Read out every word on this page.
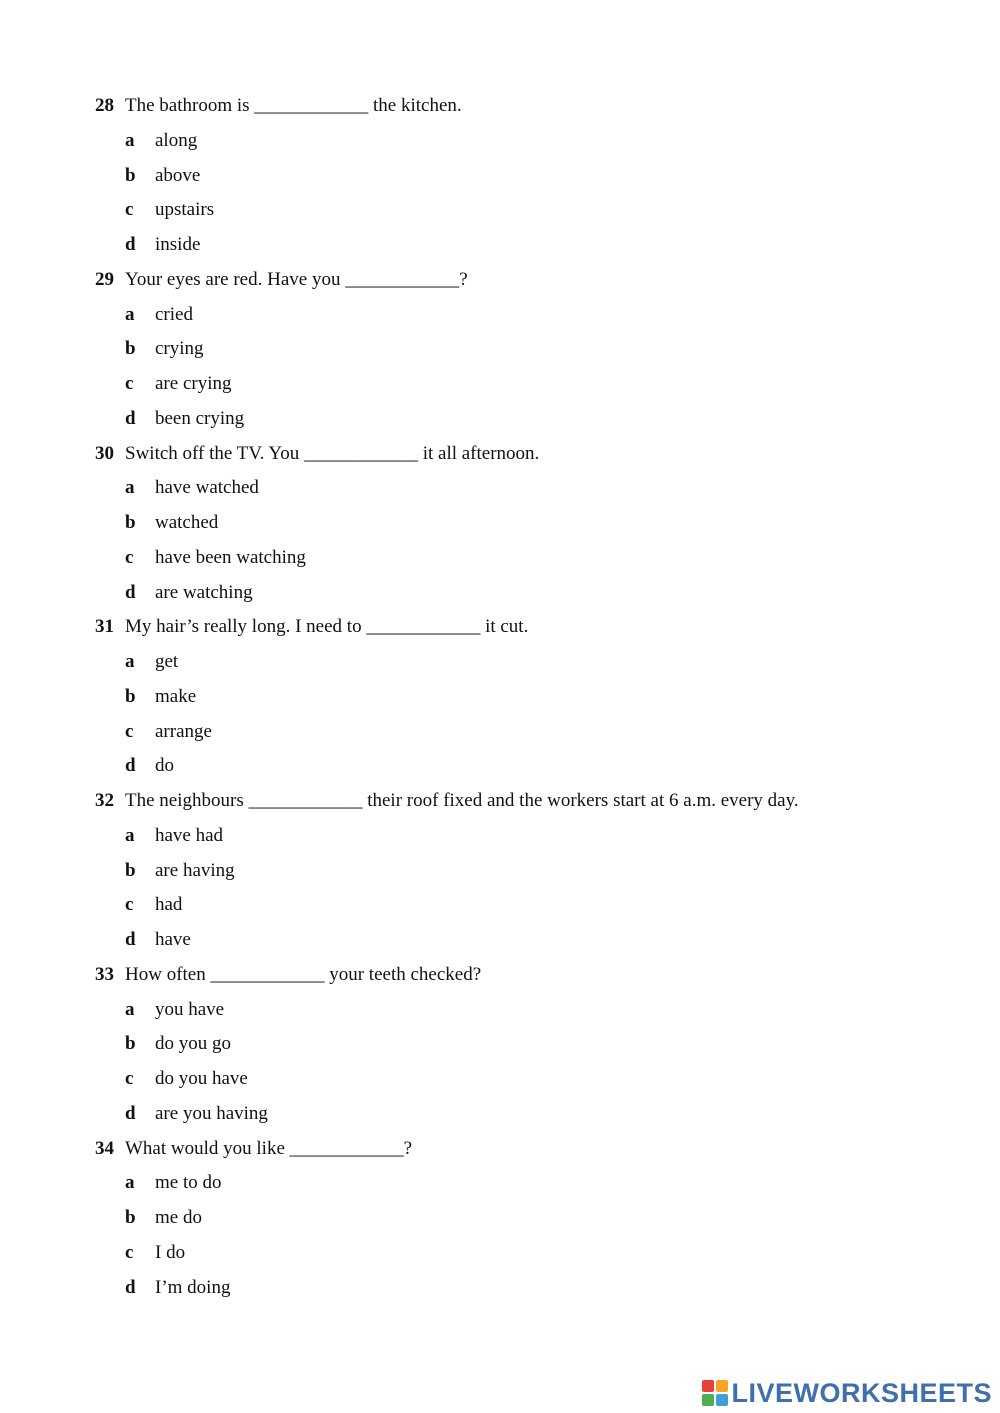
28 The bathroom is ____________ the kitchen.
a along
b above
c upstairs
d inside
29 Your eyes are red. Have you ____________?
a cried
b crying
c are crying
d been crying
30 Switch off the TV. You ____________ it all afternoon.
a have watched
b watched
c have been watching
d are watching
31 My hair’s really long. I need to ____________ it cut.
a get
b make
c arrange
d do
32 The neighbours ____________ their roof fixed and the workers start at 6 a.m. every day.
a have had
b are having
c had
d have
33 How often ____________ your teeth checked?
a you have
b do you go
c do you have
d are you having
34 What would you like ____________?
a me to do
b me do
c I do
d I’m doing
LIVEWORKSHEETS
